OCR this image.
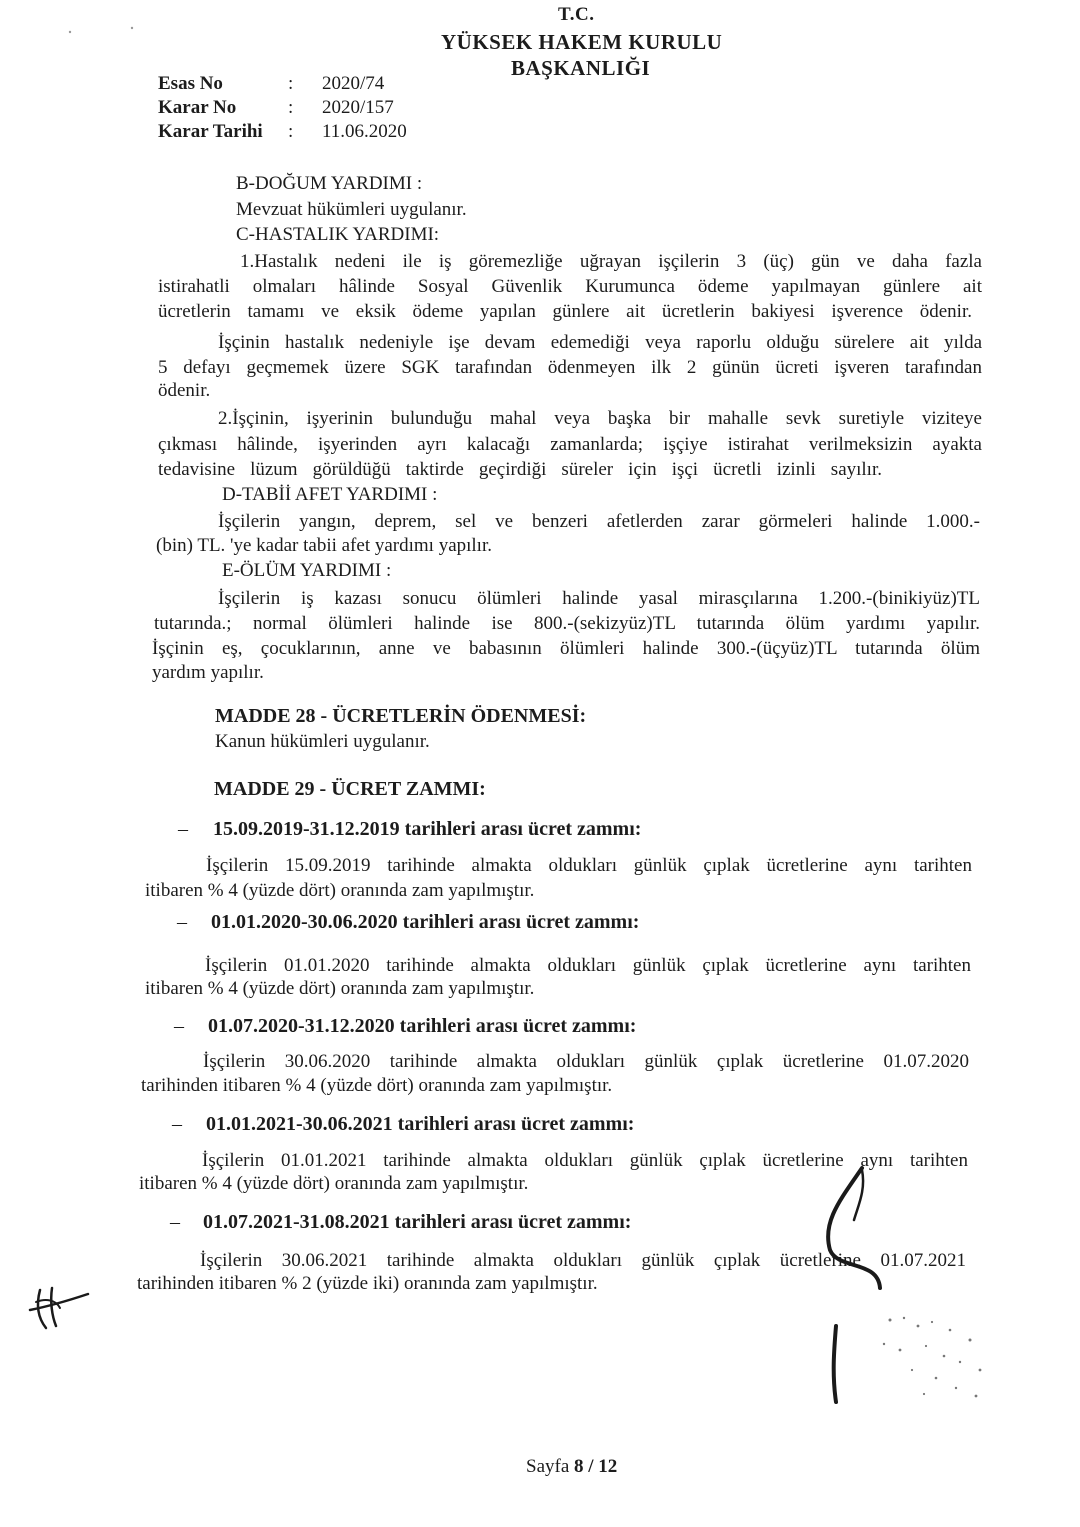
T.C.
YÜKSEK HAKEM KURULU
BAŞKANLIĞI
Esas No	: 2020/74
Karar No	: 2020/157
Karar Tarihi : 11.06.2020
B-DOĞUM YARDIMI :
Mevzuat hükümleri uygulanır.
C-HASTALIK YARDIMI:
1.Hastalık nedeni ile iş göremezliğe uğrayan işçilerin 3 (üç) gün ve daha fazla
istirahatli olmaları hâlinde Sosyal Güvenlik Kurumunca ödeme yapılmayan günlere ait
ücretlerin tamamı ve eksik ödeme yapılan günlere ait ücretlerin bakiyesi işverence ödenir.
İşçinin hastalık nedeniyle işe devam edemediği veya raporlu olduğu sürelere ait yılda
5 defayı geçmemek üzere SGK tarafından ödenmeyen ilk 2 günün ücreti işveren tarafından
ödenir.
2.İşçinin, işyerinin bulunduğu mahal veya başka bir mahalle sevk suretiyle viziteye
çıkması hâlinde, işyerinden ayrı kalacağı zamanlarda; işçiye istirahat verilmeksizin ayakta
tedavisine lüzum görüldüğü taktirde geçirdiği süreler için işçi ücretli izinli sayılır.
D-TABİİ AFET YARDIMI :
İşçilerin yangın, deprem, sel ve benzeri afetlerden zarar görmeleri halinde 1.000.-
(bin) TL. 'ye kadar tabii afet yardımı yapılır.
E-ÖLÜM YARDIMI :
İşçilerin iş kazası sonucu ölümleri halinde yasal mirasçılarına 1.200.-(binikiyüz)TL
tutarında.; normal ölümleri halinde ise 800.-(sekizyüz)TL tutarında ölüm yardımı yapılır.
İşçinin eş, çocuklarının, anne ve babasının ölümleri halinde 300.-(üçyüz)TL tutarında ölüm
yardım yapılır.
MADDE 28 - ÜCRETLERİN ÖDENMESİ:
Kanun hükümleri uygulanır.
MADDE 29 - ÜCRET ZAMMI:
– 15.09.2019-31.12.2019 tarihleri arası ücret zammı:
İşçilerin 15.09.2019 tarihinde almakta oldukları günlük çıplak ücretlerine aynı tarihten
itibaren % 4 (yüzde dört) oranında zam yapılmıştır.
– 01.01.2020-30.06.2020 tarihleri arası ücret zammı:
İşçilerin 01.01.2020 tarihinde almakta oldukları günlük çıplak ücretlerine aynı tarihten
itibaren % 4 (yüzde dört) oranında zam yapılmıştır.
– 01.07.2020-31.12.2020 tarihleri arası ücret zammı:
İşçilerin 30.06.2020 tarihinde almakta oldukları günlük çıplak ücretlerine 01.07.2020
tarihinden itibaren % 4 (yüzde dört) oranında zam yapılmıştır.
– 01.01.2021-30.06.2021 tarihleri arası ücret zammı:
İşçilerin 01.01.2021 tarihinde almakta oldukları günlük çıplak ücretlerine aynı tarihten
itibaren % 4 (yüzde dört) oranında zam yapılmıştır.
– 01.07.2021-31.08.2021 tarihleri arası ücret zammı:
İşçilerin 30.06.2021 tarihinde almakta oldukları günlük çıplak ücretlerine 01.07.2021
tarihinden itibaren % 2 (yüzde iki) oranında zam yapılmıştır.
Sayfa 8 / 12
